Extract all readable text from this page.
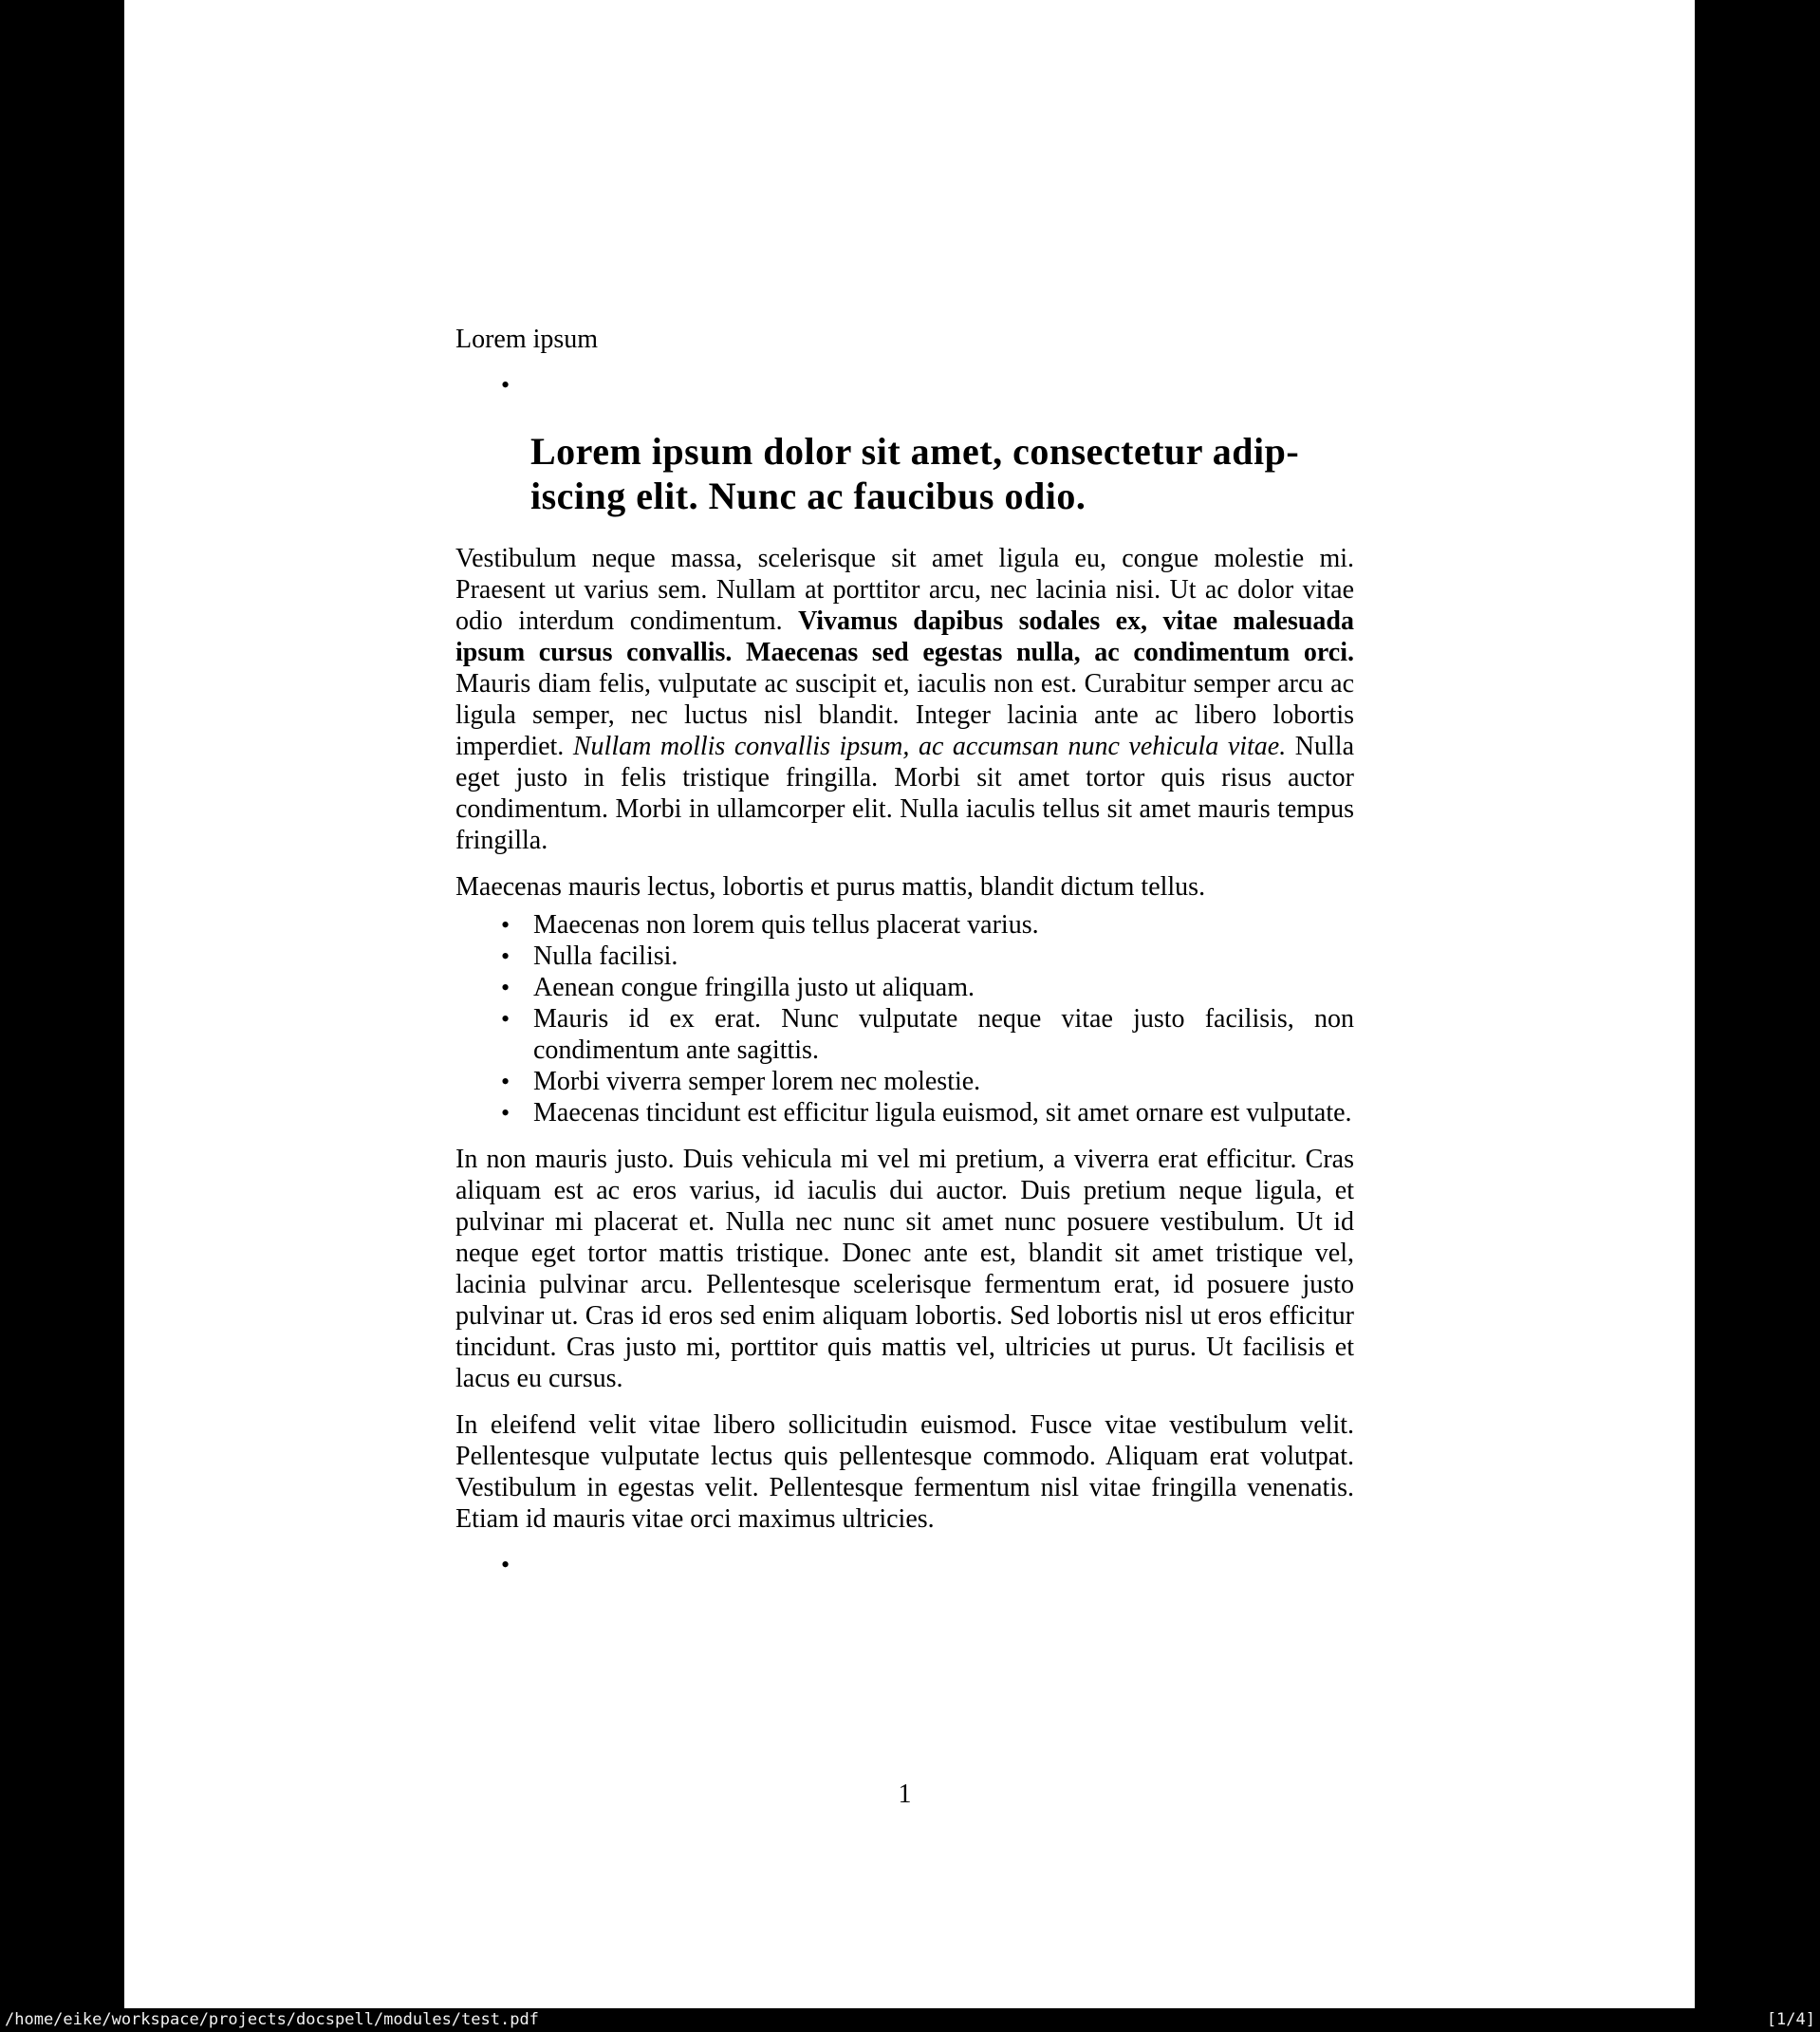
Lorem ipsum
•
Lorem ipsum dolor sit amet, consectetur adip-
iscing elit. Nunc ac faucibus odio.
Vestibulum neque massa, scelerisque sit amet ligula eu, congue molestie mi. Praesent ut varius sem. Nullam at porttitor arcu, nec lacinia nisi. Ut ac dolor vitae odio interdum condimentum. Vivamus dapibus sodales ex, vitae malesuada ipsum cursus convallis. Maecenas sed egestas nulla, ac condimentum orci. Mauris diam felis, vulputate ac suscipit et, iaculis non est. Curabitur semper arcu ac ligula semper, nec luctus nisl blandit. Integer lacinia ante ac libero lobortis imperdiet. Nullam mollis convallis ipsum, ac accumsan nunc vehicula vitae. Nulla eget justo in felis tristique fringilla. Morbi sit amet tortor quis risus auctor condimentum. Morbi in ullamcorper elit. Nulla iaculis tellus sit amet mauris tempus fringilla.
Maecenas mauris lectus, lobortis et purus mattis, blandit dictum tellus.
• Maecenas non lorem quis tellus placerat varius.
• Nulla facilisi.
• Aenean congue fringilla justo ut aliquam.
• Mauris id ex erat. Nunc vulputate neque vitae justo facilisis, non condimentum ante sagittis.
• Morbi viverra semper lorem nec molestie.
• Maecenas tincidunt est efficitur ligula euismod, sit amet ornare est vulputate.
In non mauris justo. Duis vehicula mi vel mi pretium, a viverra erat efficitur. Cras aliquam est ac eros varius, id iaculis dui auctor. Duis pretium neque ligula, et pulvinar mi placerat et. Nulla nec nunc sit amet nunc posuere vestibulum. Ut id neque eget tortor mattis tristique. Donec ante est, blandit sit amet tristique vel, lacinia pulvinar arcu. Pellentesque scelerisque fermentum erat, id posuere justo pulvinar ut. Cras id eros sed enim aliquam lobortis. Sed lobortis nisl ut eros efficitur tincidunt. Cras justo mi, porttitor quis mattis vel, ultricies ut purus. Ut facilisis et lacus eu cursus.
In eleifend velit vitae libero sollicitudin euismod. Fusce vitae vestibulum velit. Pellentesque vulputate lectus quis pellentesque commodo. Aliquam erat volutpat. Vestibulum in egestas velit. Pellentesque fermentum nisl vitae fringilla venenatis. Etiam id mauris vitae orci maximus ultricies.
•
1
/home/eike/workspace/projects/docspell/modules/test.pdf	[1/4]
